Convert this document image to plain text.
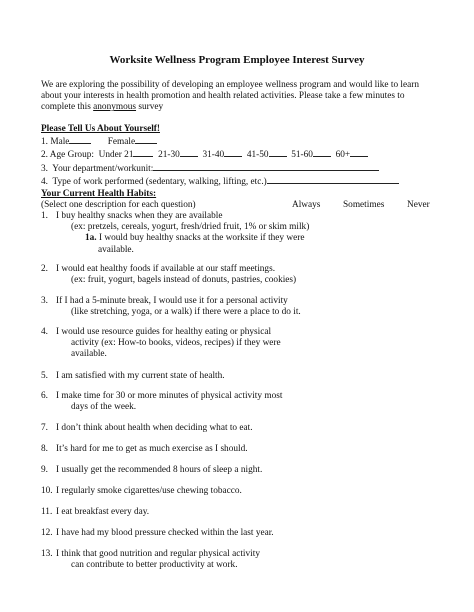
Worksite Wellness Program Employee Interest Survey

We are exploring the possibility of developing an employee wellness program and would like to learn

about your interests in health promotion and health related activities. Please take a few minutes to

complete this anonymous survey

Please Tell Us About Yourself!
1. Male	Female
2. Age Group: Under 21	21-30 31-40 41-50 51-60 60+
3. Your department/workunit:
4. Type of work performed (sedentary, walking, lifting, etc.)
Your Current Health Habits:
(Select one description for each question)	Always Sometimes Never
1. I buy healthy snacks when they are available
(ex: pretzels, cereals, yogurt, fresh/dried fruit, 1% or skim milk)
1a. I would buy healthy snacks at the worksite if they were
available.
2. I would eat healthy foods if available at our staff meetings.
(ex: fruit, yogurt, bagels instead of donuts, pastries, cookies)
3. If I had a 5-minute break, I would use it for a personal activity
(like stretching, yoga, or a walk) if there were a place to do it.
4. I would use resource guides for healthy eating or physical
activity (ex: How-to books, videos, recipes) if they were
available.
5. I am satisfied with my current state of health.
6. I make time for 30 or more minutes of physical activity most
days of the week.
7. I don’t think about health when deciding what to eat.
8. It’s hard for me to get as much exercise as I should.
9. I usually get the recommended 8 hours of sleep a night.
10. I regularly smoke cigarettes/use chewing tobacco.
11. I eat breakfast every day.
12. I have had my blood pressure checked within the last year.
13. I think that good nutrition and regular physical activity
can contribute to better productivity at work.
